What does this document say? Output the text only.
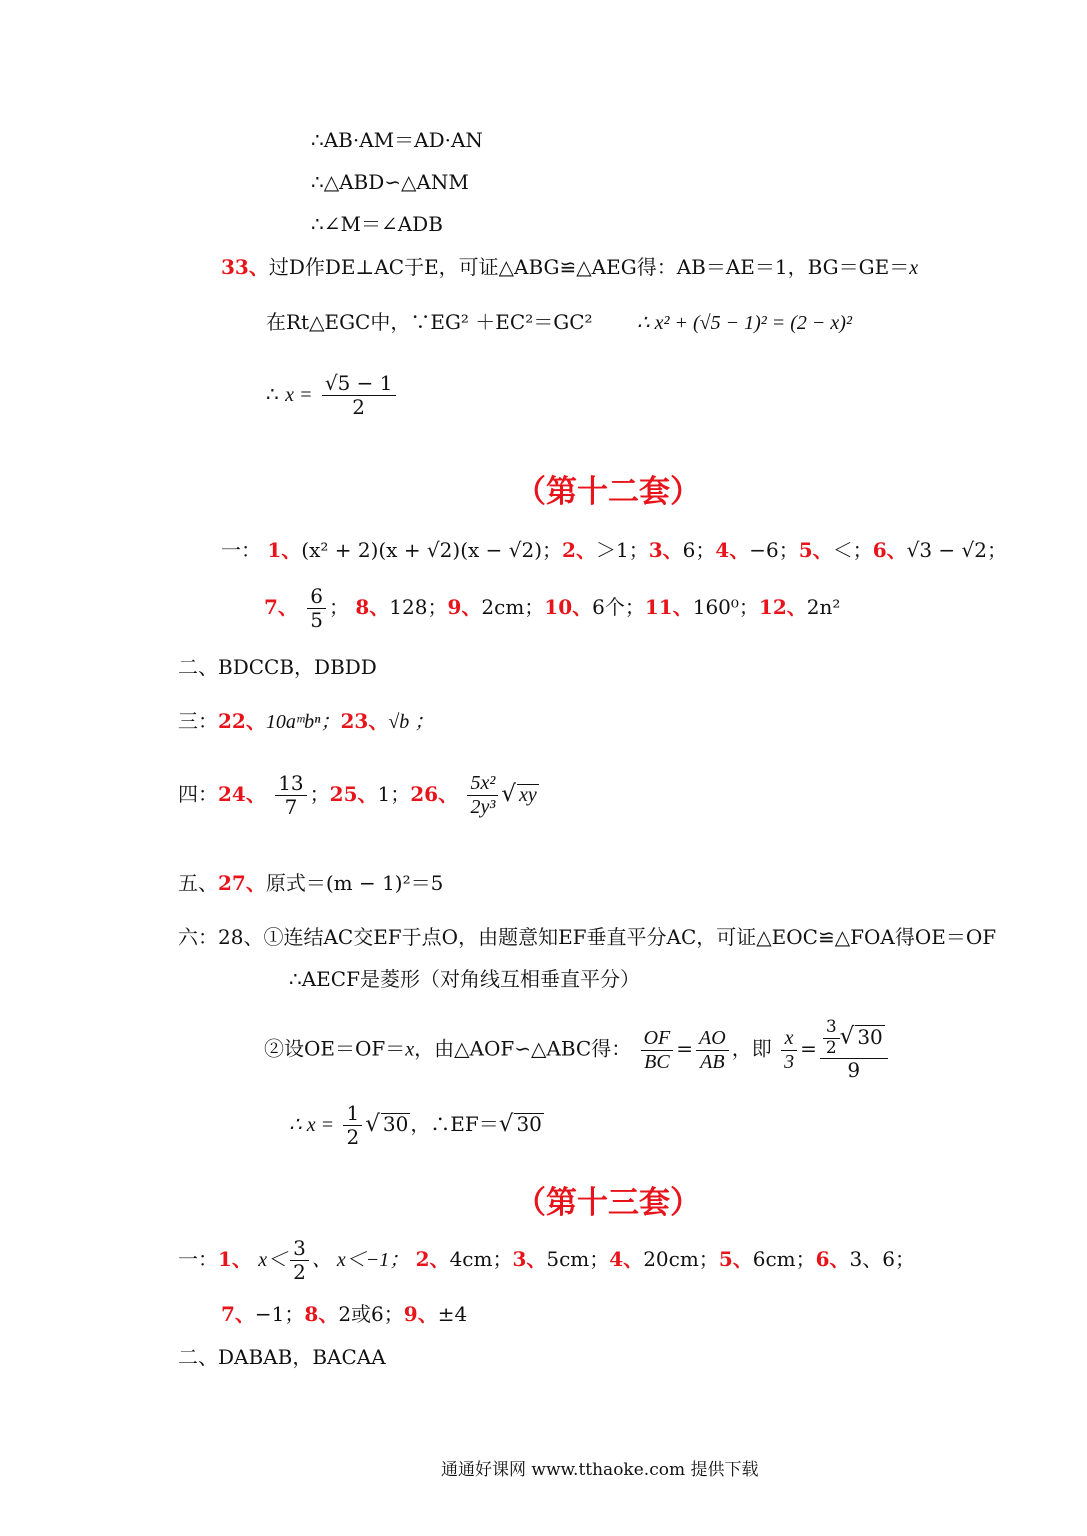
∴AB·AM＝AD·AN
∴△ABD∽△ANM
∴∠M＝∠ADB
33、过D作DE⊥AC于E，可证△ABG≌△AEG得：AB＝AE＝1，BG＝GE＝x
在Rt△EGC中，∵EG² ＋EC²＝GC² ∴ x² + (√5 − 1)² = (2 − x)²
∴ $x = \frac{√5 - 1}{2}$
（第十二套）
一： 1、(x² + 2)(x + √2)(x − √2)；2、＞1；3、6；4、−6；5、＜；6、√3 − √2；
7、 $\frac{6}{5}$ ； 8、128；9、2cm；10、6个；11、160⁰；12、2n²
二、BDCCB，DBDD
三：22、10aᵐbⁿ；23、√b ；
四：24、 $\frac{13}{7}$ ；25、1；26、 $\frac{\text{5x²}}{\text{2y³}}$ √ xy
五、27、原式＝(m − 1)²＝5
六：28、①连结AC交EF于点O，由题意知EF垂直平分AC，可证△EOC≌△FOA得OE＝OF
∴AECF是菱形（对角线互相垂直平分）
②设OE＝OF＝x，由△AOF∽△ABC得： $\frac{OF}{BC} = \frac{AO}{AB}$ ，即 $\frac{x}{3} = \frac{\frac{3}{2} √ 30}{9}$
∴ $x = \frac{1}{2}$ √ 30 ，∴EF＝√ 30
（第十三套）
一：1、 $x< \frac{3}{2}$ 、 x＜−1； 2、4cm；3、5cm；4、20cm；5、6cm；6、3、6；
7、−1；8、2或6；9、±4
二、DABAB，BACAA
通通好课网 www.tthaoke.com 提供下载
